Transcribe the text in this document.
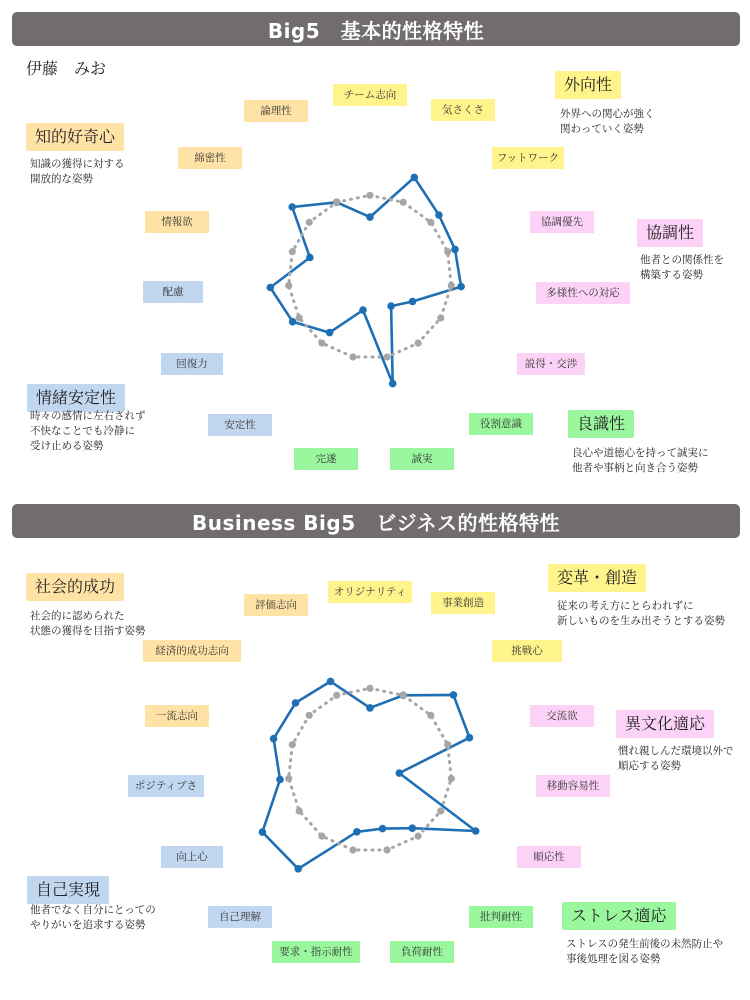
Big5　基本的性格特性
伊藤　みお
チーム志向
気さくさ
フットワーク
協調優先
多様性への対応
説得・交渉
役割意識
誠実
完遂
安定性
回復力
配慮
情報欲
綿密性
論理性
外向性
外界への関心が強く
関わっていく姿勢
協調性
他者との関係性を
構築する姿勢
良識性
良心や道徳心を持って誠実に
他者や事柄と向き合う姿勢
情緒安定性
時々の感情に左右されず
不快なことでも冷静に
受け止める姿勢
知的好奇心
知識の獲得に対する
開放的な姿勢
Business Big5　ビジネス的性格特性
オリジナリティ
事業創造
挑戦心
交流欲
移動容易性
順応性
批判耐性
負荷耐性
要求・指示耐性
自己理解
向上心
ポジティブさ
一流志向
経済的成功志向
評価志向
変革・創造
従来の考え方にとらわれずに
新しいものを生み出そうとする姿勢
異文化適応
慣れ親しんだ環境以外で
順応する姿勢
ストレス適応
ストレスの発生前後の未然防止や
事後処理を図る姿勢
自己実現
他者でなく自分にとっての
やりがいを追求する姿勢
社会的成功
社会的に認められた
状態の獲得を目指す姿勢
